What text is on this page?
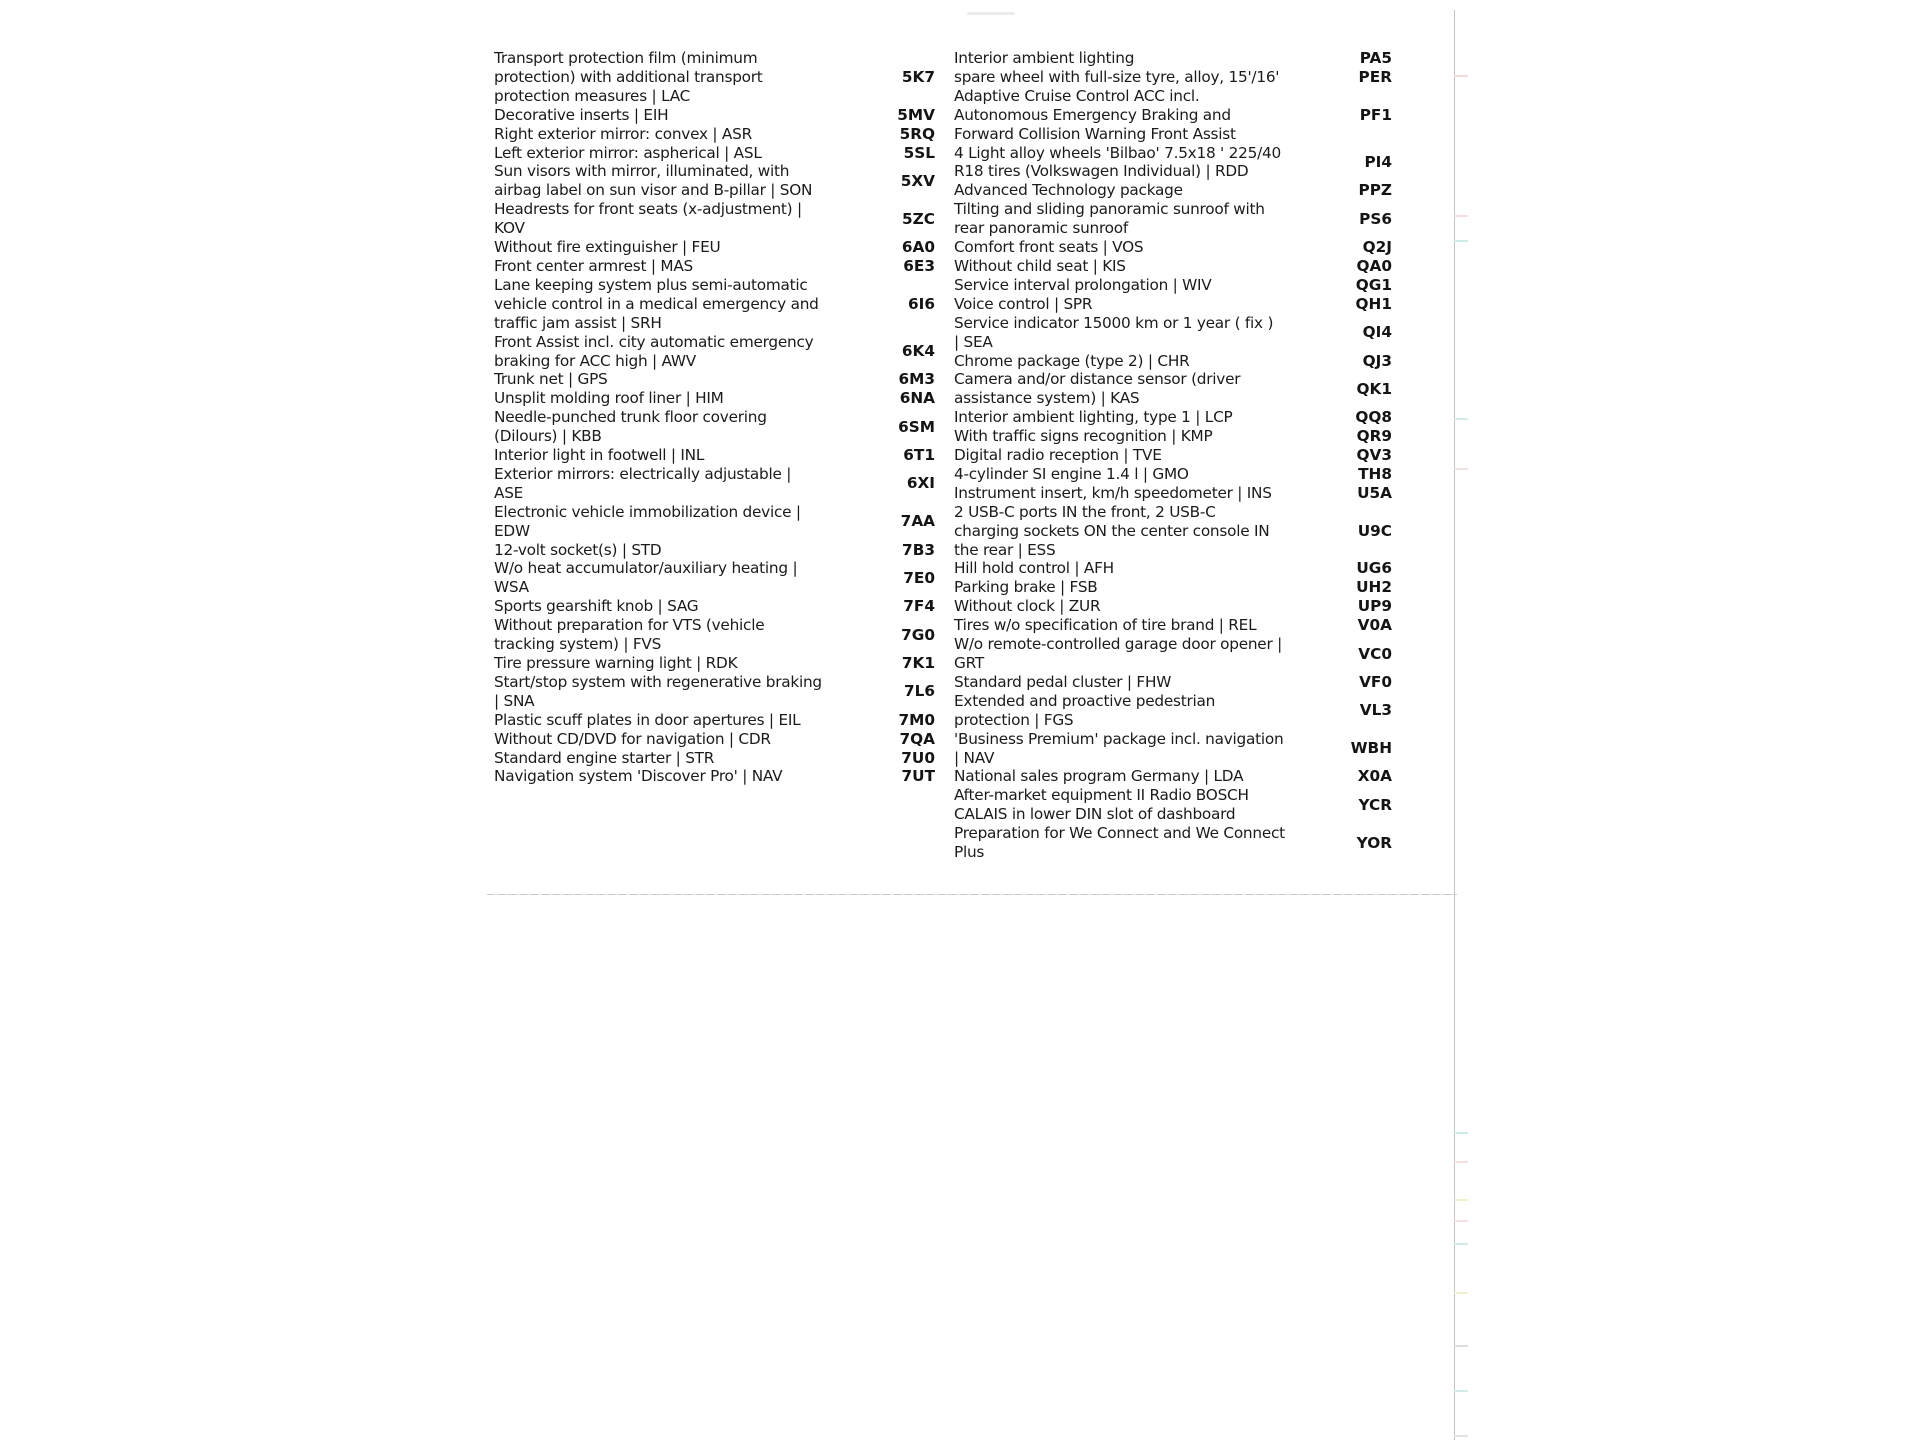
Transport protection film (minimum
protection) with additional transport
protection measures | LAC
5K7
Decorative inserts | EIH	5MV
Right exterior mirror: convex | ASR	5RQ
Left exterior mirror: aspherical | ASL	5SL
Sun visors with mirror, illuminated, with
airbag label on sun visor and B-pillar | SON
5XV
Headrests for front seats (x-adjustment) |
KOV
5ZC
Without fire extinguisher | FEU	6A0
Front center armrest | MAS	6E3
Lane keeping system plus semi-automatic
vehicle control in a medical emergency and
traffic jam assist | SRH
6I6
Front Assist incl. city automatic emergency
braking for ACC high | AWV
6K4
Trunk net | GPS	6M3
Unsplit molding roof liner | HIM	6NA
Needle-punched trunk floor covering
(Dilours) | KBB
6SM
Interior light in footwell | INL	6T1
Exterior mirrors: electrically adjustable |
ASE
6XI
Electronic vehicle immobilization device |
EDW
7AA
12-volt socket(s) | STD	7B3
W/o heat accumulator/auxiliary heating |
WSA
7E0
Sports gearshift knob | SAG	7F4
Without preparation for VTS (vehicle
tracking system) | FVS
7G0
Tire pressure warning light | RDK	7K1
Start/stop system with regenerative braking
| SNA
7L6
Plastic scuff plates in door apertures | EIL	7M0
Without CD/DVD for navigation | CDR	7QA
Standard engine starter | STR	7U0
Navigation system 'Discover Pro' | NAV	7UT
Interior ambient lighting	PA5
spare wheel with full-size tyre, alloy, 15'/16'	PER
Adaptive Cruise Control ACC incl.
Autonomous Emergency Braking and
Forward Collision Warning Front Assist
PF1
4 Light alloy wheels 'Bilbao' 7.5x18 ' 225/40
R18 tires (Volkswagen Individual) | RDD
PI4
Advanced Technology package	PPZ
Tilting and sliding panoramic sunroof with
rear panoramic sunroof
PS6
Comfort front seats | VOS	Q2J
Without child seat | KIS	QA0
Service interval prolongation | WIV	QG1
Voice control | SPR	QH1
Service indicator 15000 km or 1 year ( fix )
| SEA
QI4
Chrome package (type 2) | CHR	QJ3
Camera and/or distance sensor (driver
assistance system) | KAS
QK1
Interior ambient lighting, type 1 | LCP	QQ8
With traffic signs recognition | KMP	QR9
Digital radio reception | TVE	QV3
4-cylinder SI engine 1.4 l | GMO	TH8
Instrument insert, km/h speedometer | INS	U5A
2 USB-C ports IN the front, 2 USB-C
charging sockets ON the center console IN
the rear | ESS
U9C
Hill hold control | AFH	UG6
Parking brake | FSB	UH2
Without clock | ZUR	UP9
Tires w/o specification of tire brand | REL	V0A
W/o remote-controlled garage door opener |
GRT
VC0
Standard pedal cluster | FHW	VF0
Extended and proactive pedestrian
protection | FGS
VL3
'Business Premium' package incl. navigation
| NAV
WBH
National sales program Germany | LDA	X0A
After-market equipment II Radio BOSCH
CALAIS in lower DIN slot of dashboard
YCR
Preparation for We Connect and We Connect
Plus
YOR
